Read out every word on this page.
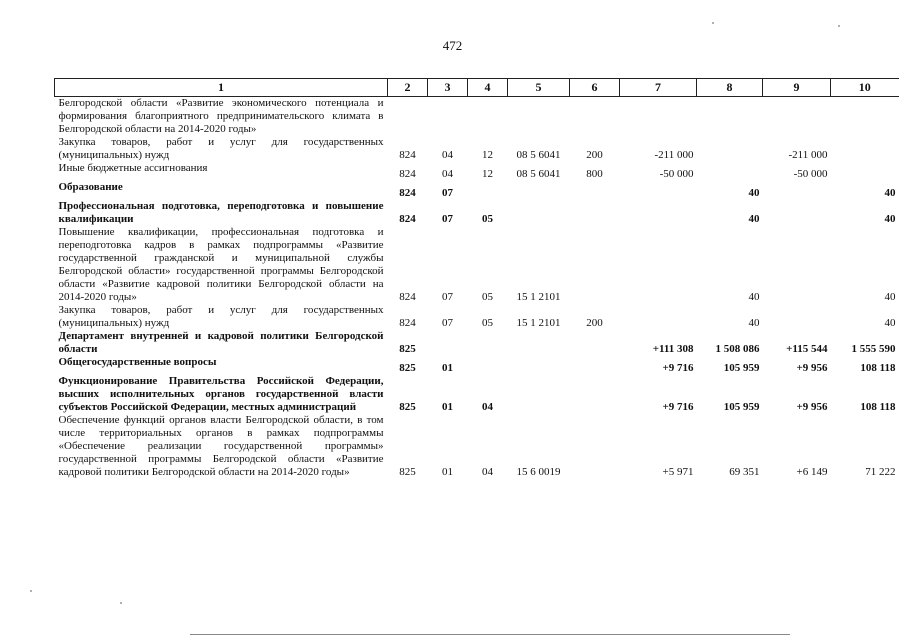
472
1	2	3	4	5	6	7	8	9	10
Белгородской области «Развитие экономического потенциала и формирования благоприятного предпринимательского климата в Белгородской области на 2014-2020 годы»									
Закупка товаров, работ и услуг для государственных (муниципальных) нужд	824	04	12	08 5 6041	200	-211 000		-211 000	
Иные бюджетные ассигнования	824	04	12	08 5 6041	800	-50 000		-50 000	
Образование	824	07					40		40
Профессиональная подготовка, переподготовка и повышение квалификации	824	07	05				40		40
Повышение квалификации, профессиональная подготовка и переподготовка кадров в рамках подпрограммы «Развитие государственной гражданской и муниципальной службы Белгородской области» государственной программы Белгородской области «Развитие кадровой политики Белгородской области на 2014-2020 годы»	824	07	05	15 1 2101			40		40
Закупка товаров, работ и услуг для государственных (муниципальных) нужд	824	07	05	15 1 2101	200		40		40
Департамент внутренней и кадровой политики Белгородской области	825					+111 308	1 508 086	+115 544	1 555 590
Общегосударственные вопросы	825	01				+9 716	105 959	+9 956	108 118
Функционирование Правительства Российской Федерации, высших исполнительных органов государственной власти субъектов Российской Федерации, местных администраций	825	01	04			+9 716	105 959	+9 956	108 118
Обеспечение функций органов власти Белгородской области, в том числе территориальных органов в рамках подпрограммы «Обеспечение реализации государственной программы» государственной программы Белгородской области «Развитие кадровой политики Белгородской области на 2014-2020 годы»	825	01	04	15 6 0019		+5 971	69 351	+6 149	71 222
